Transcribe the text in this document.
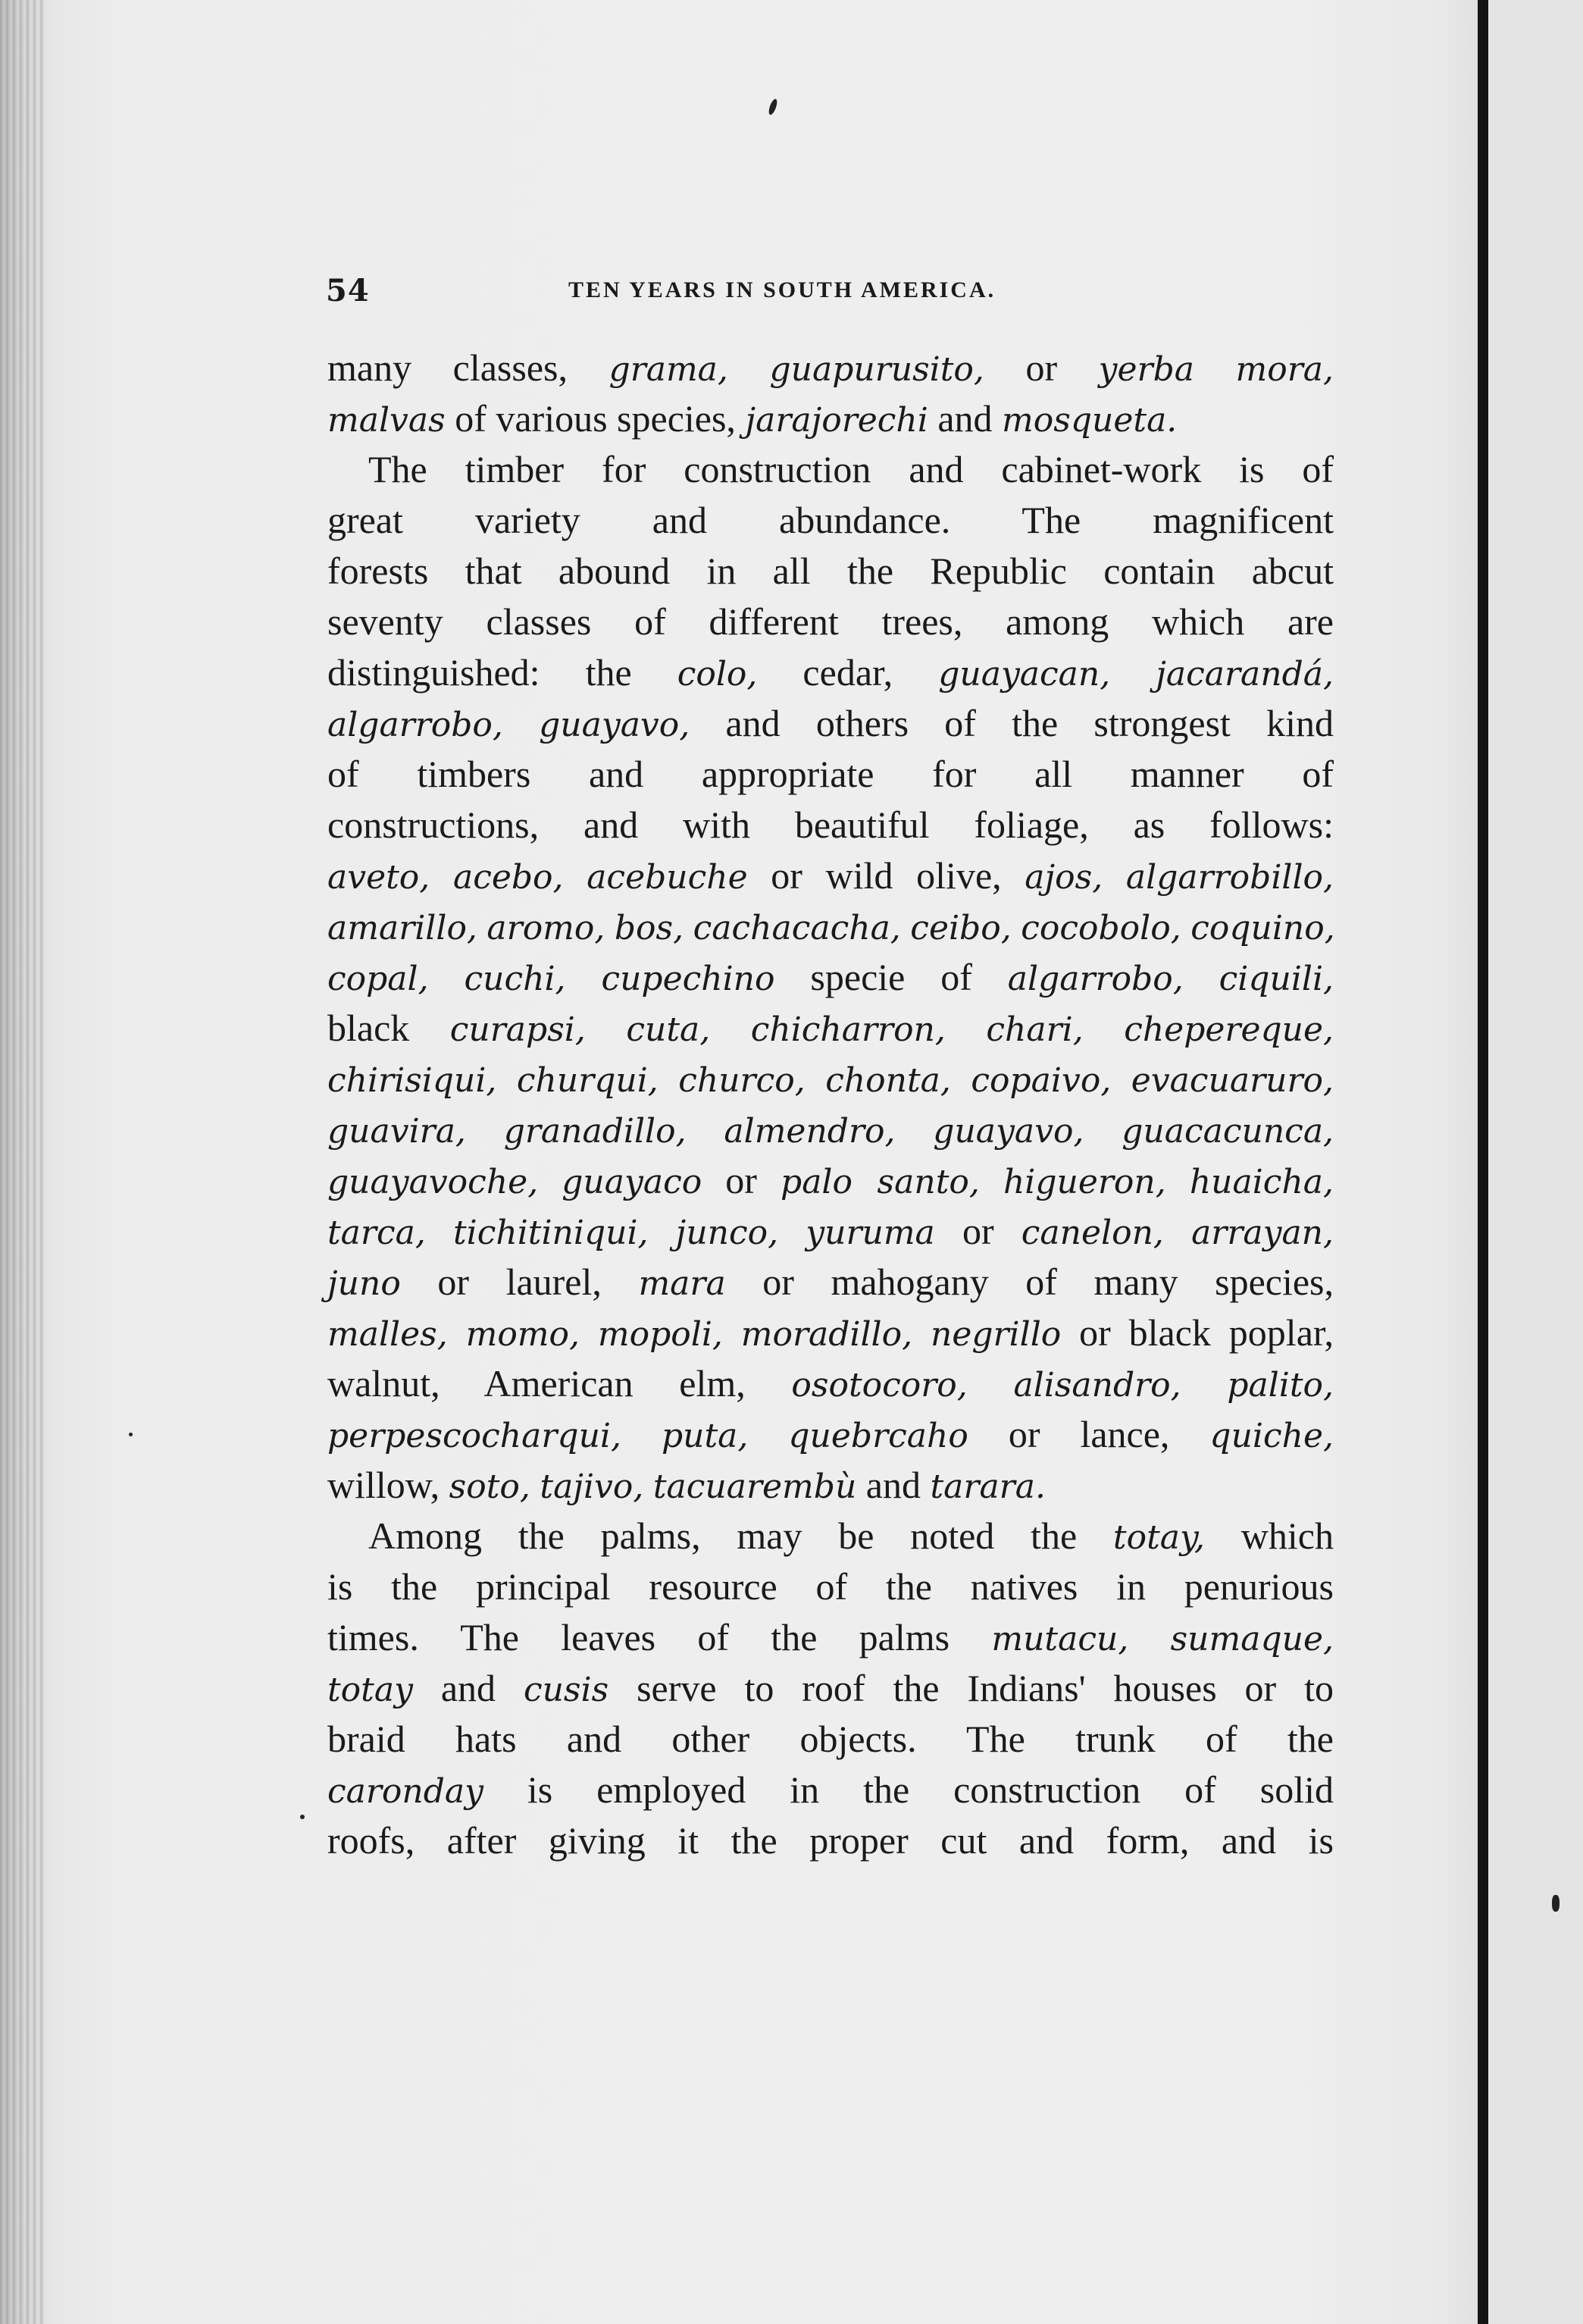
54	TEN YEARS IN SOUTH AMERICA.
many classes, grama, guapurusito, or yerba mora,
malvas of various species, jarajorechi and mosqueta.
The timber for construction and cabinet-work is of
great variety and abundance. The magnificent
forests that abound in all the Republic contain abcut
seventy classes of different trees, among which are
distinguished: the colo, cedar, guayacan, jacarandá,
algarrobo, guayavo, and others of the strongest kind
of timbers and appropriate for all manner of
constructions, and with beautiful foliage, as follows:
aveto, acebo, acebuche or wild olive, ajos, algarrobillo,
amarillo, aromo, bos, cachacacha, ceibo, cocobolo, coquino,
copal, cuchi, cupechino specie of algarrobo, ciquili,
black curapsi, cuta, chicharron, chari, chepereque,
chirisiqui, churqui, churco, chonta, copaivo, evacuaruro,
guavira, granadillo, almendro, guayavo, guacacunca,
guayavoche, guayaco or palo santo, higueron, huaicha,
tarca, tichitiniqui, junco, yuruma or canelon, arrayan,
juno or laurel, mara or mahogany of many species,
malles, momo, mopoli, moradillo, negrillo or black poplar,
walnut, American elm, osotocoro, alisandro, palito,
perpescocharqui, puta, quebrcaho or lance, quiche,
willow, soto, tajivo, tacuarembù and tarara.
Among the palms, may be noted the totay, which
is the principal resource of the natives in penurious
times. The leaves of the palms mutacu, sumaque,
totay and cusis serve to roof the Indians' houses or to
braid hats and other objects. The trunk of the
caronday is employed in the construction of solid
roofs, after giving it the proper cut and form, and is
